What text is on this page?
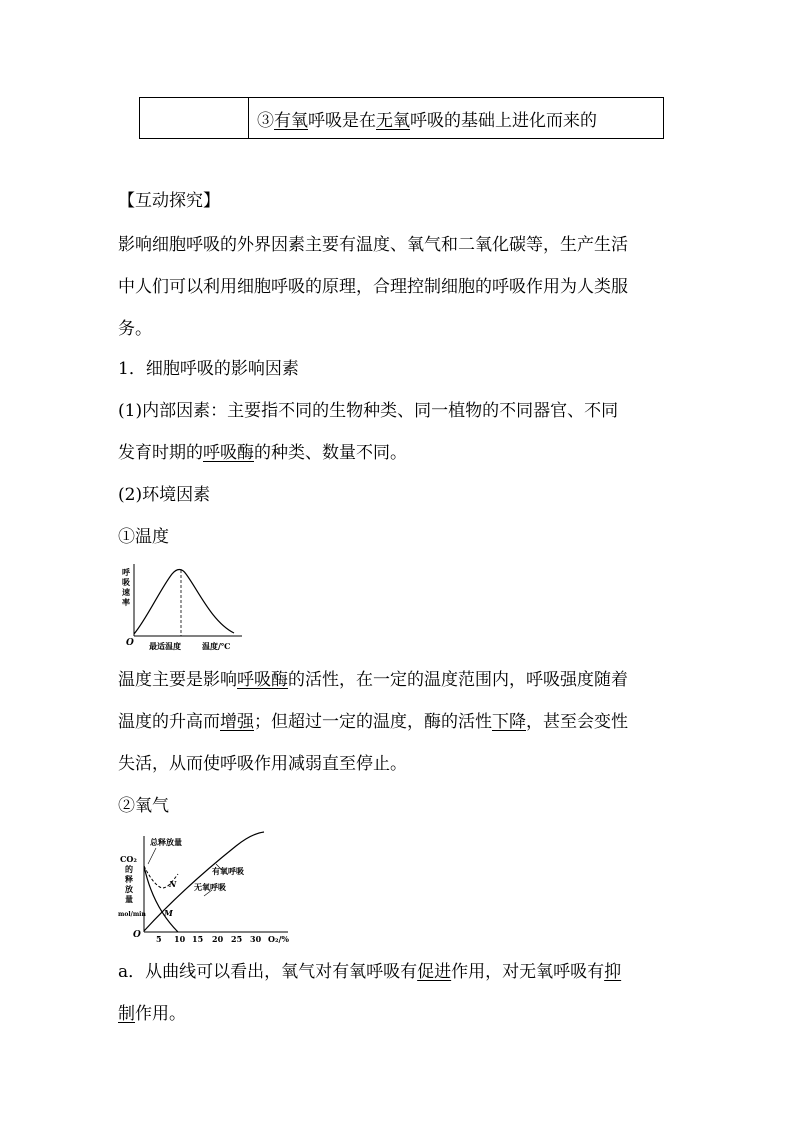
	③有氧呼吸是在无氧呼吸的基础上进化而来的
【互动探究】
影响细胞呼吸的外界因素主要有温度、氧气和二氧化碳等，生产生活
中人们可以利用细胞呼吸的原理，合理控制细胞的呼吸作用为人类服
务。
1．细胞呼吸的影响因素
(1)内部因素：主要指不同的生物种类、同一植物的不同器官、不同
发育时期的呼吸酶的种类、数量不同。
(2)环境因素
①温度
呼
吸
速
率
O 最适温度	温度/℃
温度主要是影响呼吸酶的活性，在一定的温度范围内，呼吸强度随着
温度的升高而增强；但超过一定的温度，酶的活性下降，甚至会变性
失活，从而使呼吸作用减弱直至停止。
②氧气
CO₂
的
释
放
量
mol/min
总释放量
有氧呼吸
无氧呼吸
N
M
O 5 10 15 20 25 30 O₂/%
a．从曲线可以看出，氧气对有氧呼吸有促进作用，对无氧呼吸有抑
制作用。
